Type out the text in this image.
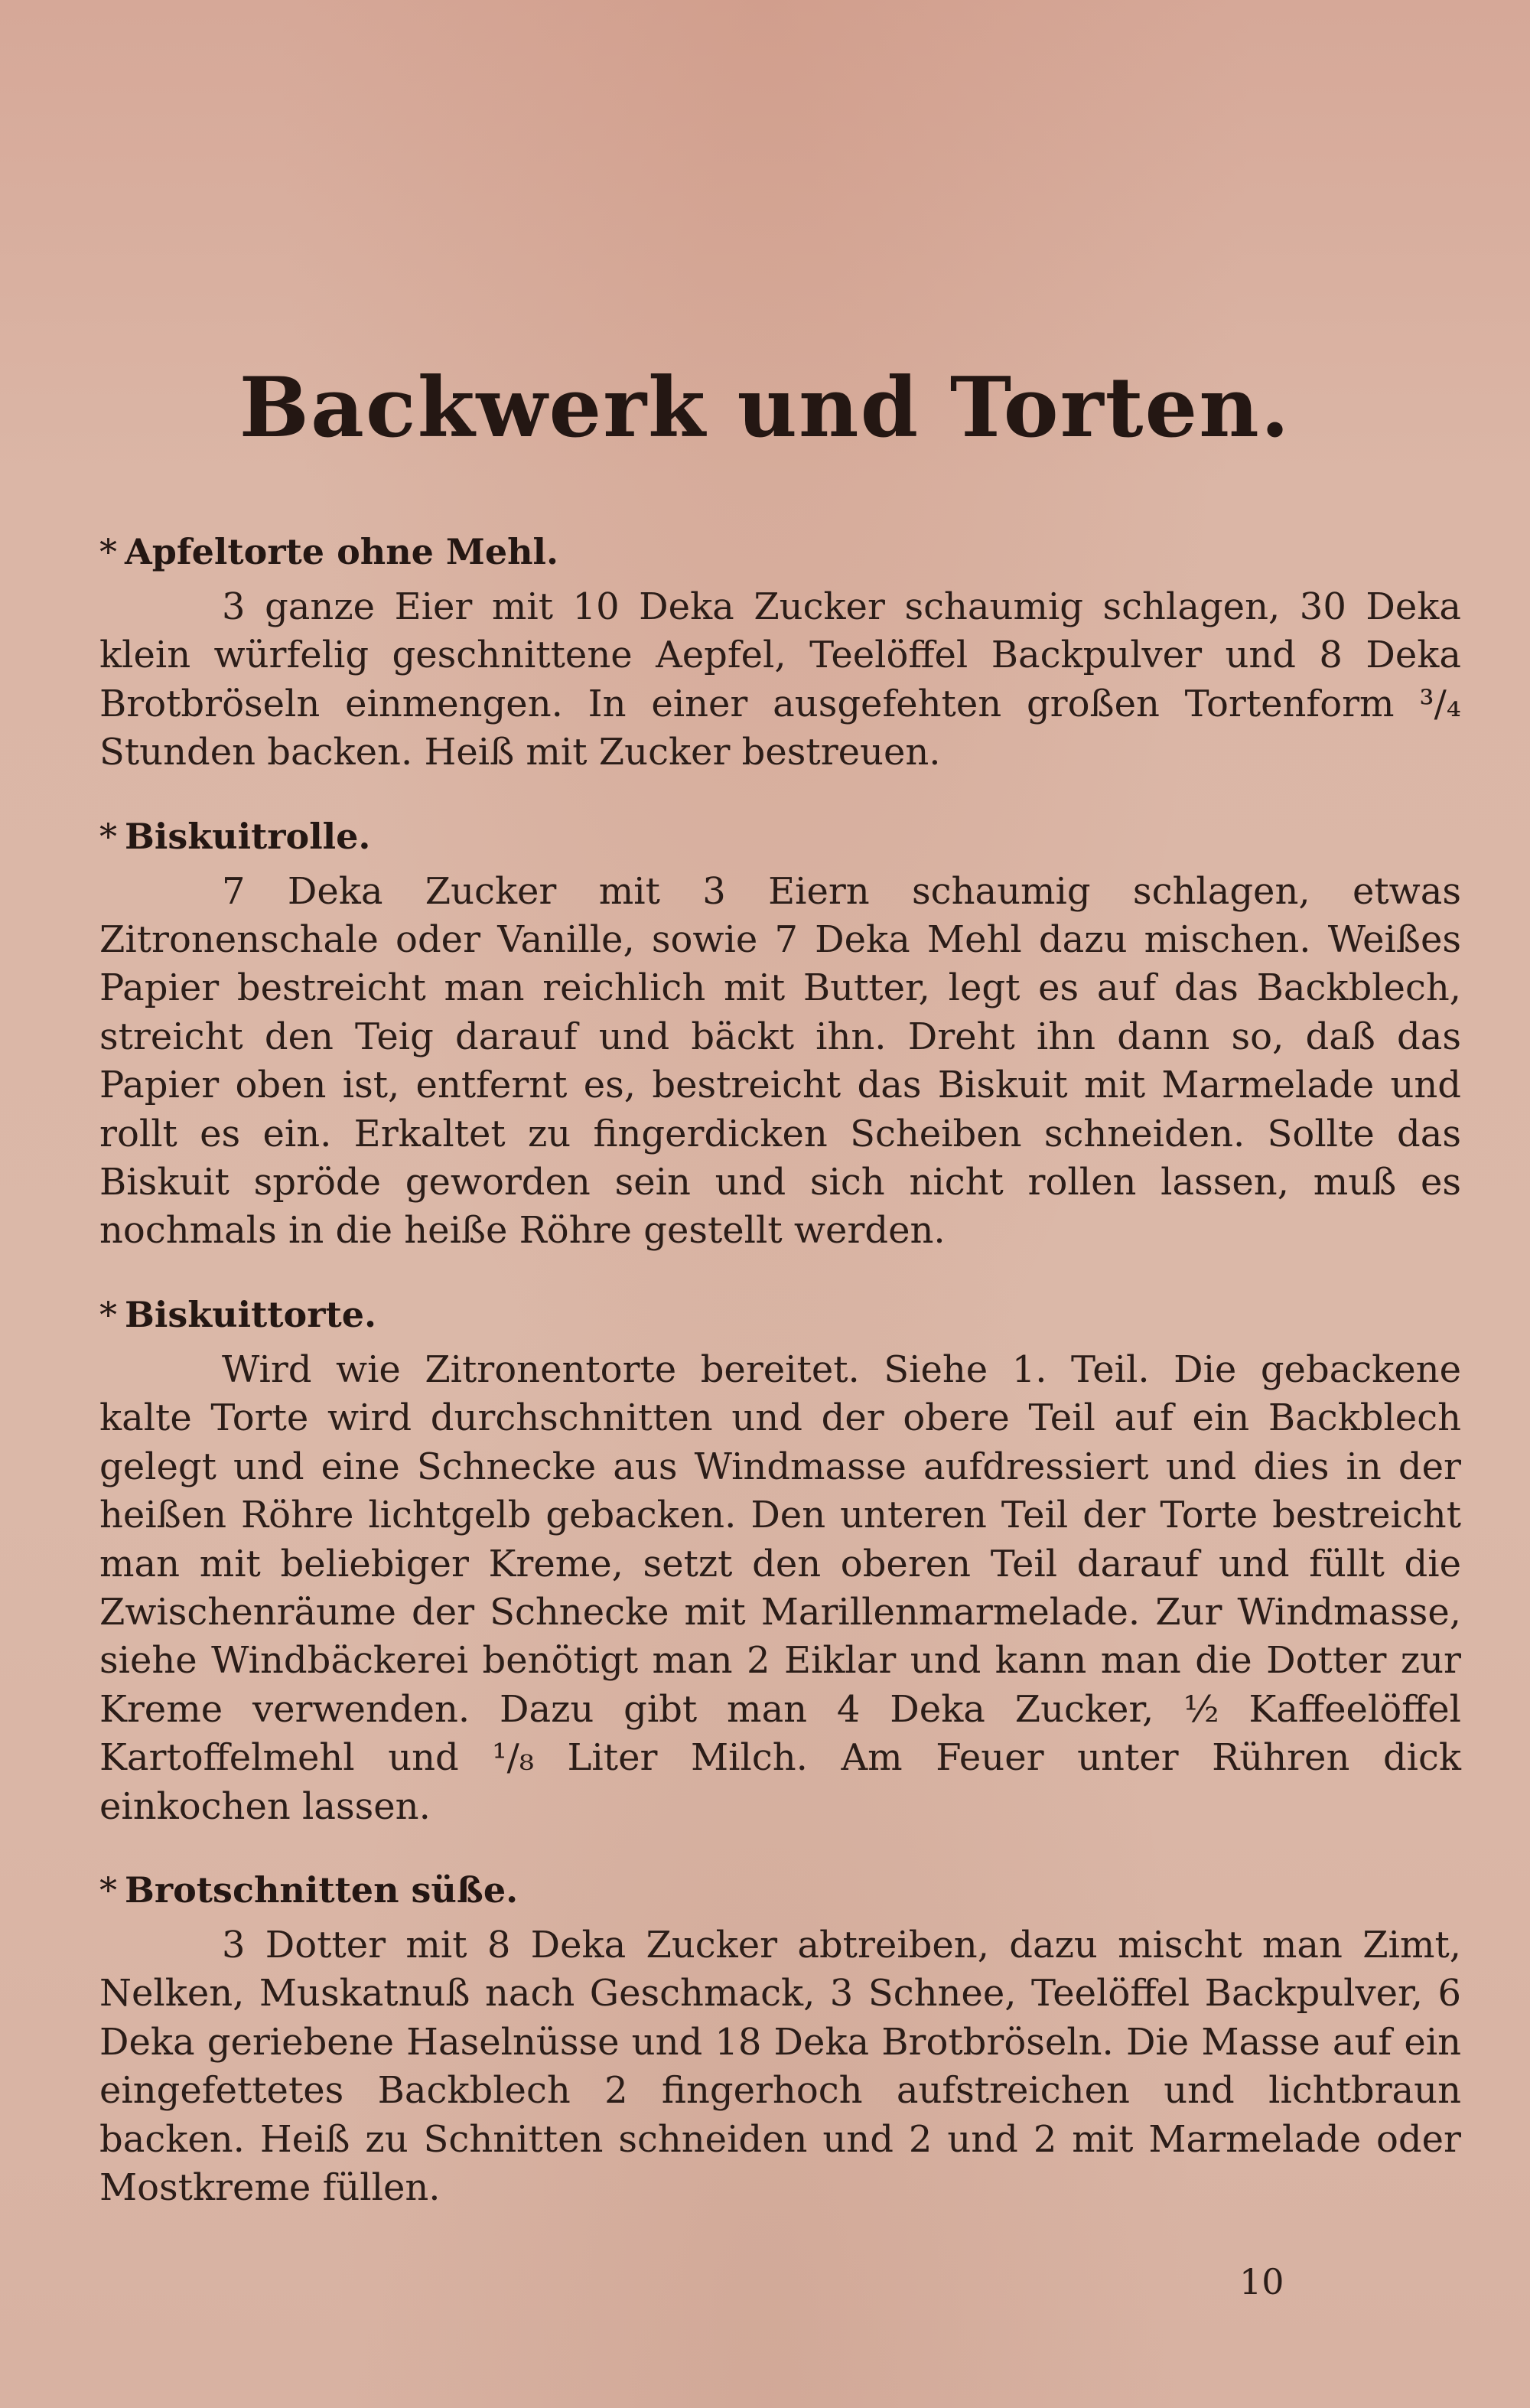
Backwerk und Torten.
* Apfeltorte ohne Mehl.

3 ganze Eier mit 10 Deka Zucker schaumig schlagen, 30 Deka klein würfelig geschnittene Aepfel, Teelöffel Backpulver und 8 Deka Brotbröseln einmengen. In einer ausgefehten großen Tortenform ³/₄ Stunden backen. Heiß mit Zucker bestreuen.

* Biskuitrolle.

7 Deka Zucker mit 3 Eiern schaumig schlagen, etwas Zitronenschale oder Vanille, sowie 7 Deka Mehl dazu mischen. Weißes Papier bestreicht man reichlich mit Butter, legt es auf das Backblech, streicht den Teig darauf und bäckt ihn. Dreht ihn dann so, daß das Papier oben ist, entfernt es, bestreicht das Biskuit mit Marmelade und rollt es ein. Erkaltet zu fingerdicken Scheiben schneiden. Sollte das Biskuit spröde geworden sein und sich nicht rollen lassen, muß es nochmals in die heiße Röhre gestellt werden.

* Biskuittorte.

Wird wie Zitronentorte bereitet. Siehe 1. Teil. Die gebackene kalte Torte wird durchschnitten und der obere Teil auf ein Backblech gelegt und eine Schnecke aus Windmasse aufdressiert und dies in der heißen Röhre lichtgelb gebacken. Den unteren Teil der Torte bestreicht man mit beliebiger Kreme, setzt den oberen Teil darauf und füllt die Zwischenräume der Schnecke mit Marillenmarmelade. Zur Windmasse, siehe Windbäckerei benötigt man 2 Eiklar und kann man die Dotter zur Kreme verwenden. Dazu gibt man 4 Deka Zucker, ½ Kaffeelöffel Kartoffelmehl und ¹/₈ Liter Milch. Am Feuer unter Rühren dick einkochen lassen.

* Brotschnitten süße.

3 Dotter mit 8 Deka Zucker abtreiben, dazu mischt man Zimt, Nelken, Muskatnuß nach Geschmack, 3 Schnee, Teelöffel Backpulver, 6 Deka geriebene Haselnüsse und 18 Deka Brotbröseln. Die Masse auf ein eingefettetes Backblech 2 fingerhoch aufstreichen und lichtbraun backen. Heiß zu Schnitten schneiden und 2 und 2 mit Marmelade oder Mostkreme füllen.

10
